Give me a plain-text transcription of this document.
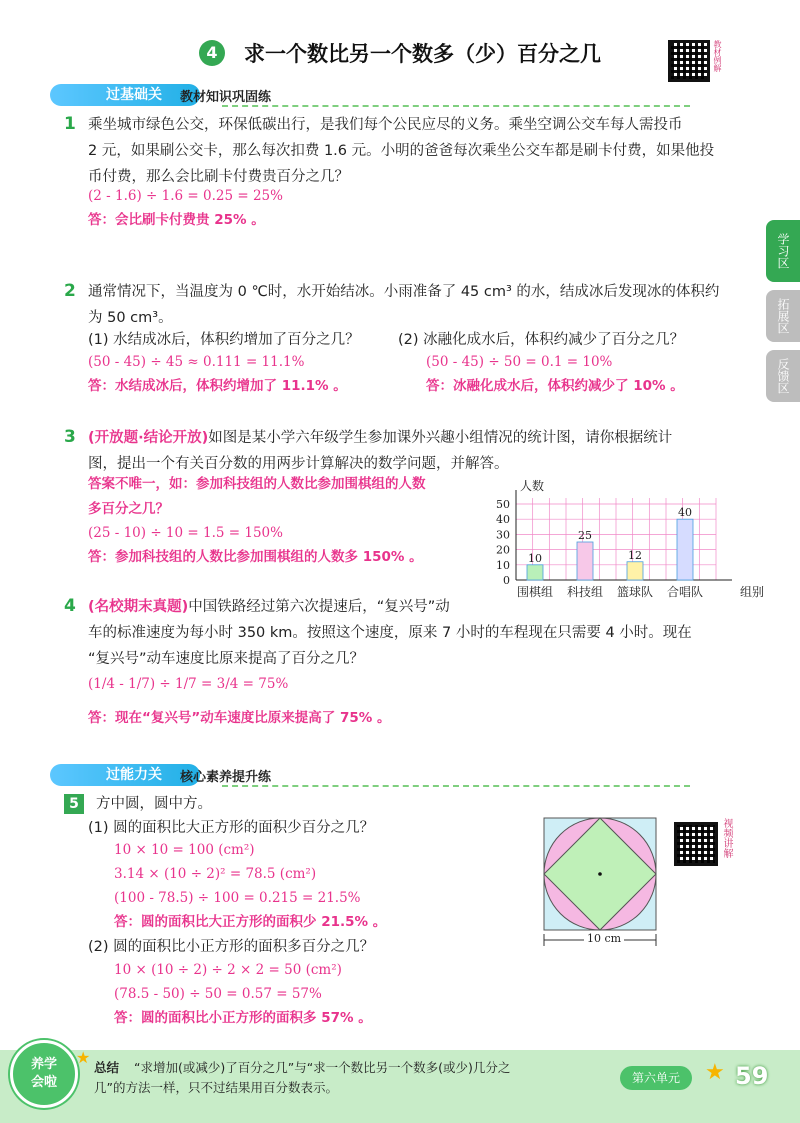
4 求一个数比另一个数多（少）百分之几	教材例解
学习区
拓展区
反馈区
过基础关	教材知识巩固练
1 乘坐城市绿色公交，环保低碳出行，是我们每个公民应尽的义务。乘坐空调公交车每人需投币
2 元，如果刷公交卡，那么每次扣费 1.6 元。小明的爸爸每次乘坐公交车都是刷卡付费，如果他投
币付费，那么会比刷卡付费贵百分之几？
(2 - 1.6) ÷ 1.6 = 0.25 = 25%
答：会比刷卡付费贵 25% 。
2 通常情况下，当温度为 0 ℃时，水开始结冰。小雨准备了 45 cm³ 的水，结成冰后发现冰的体积约
为 50 cm³。
(1) 水结成冰后，体积约增加了百分之几？	(2) 冰融化成水后，体积约减少了百分之几？
(50 - 45) ÷ 45 ≈ 0.111 = 11.1%	(50 - 45) ÷ 50 = 0.1 = 10%
答：水结成冰后，体积约增加了 11.1% 。	答：冰融化成水后，体积约减少了 10% 。
3 (开放题·结论开放)如图是某小学六年级学生参加课外兴趣小组情况的统计图，请你根据统计
图，提出一个有关百分数的用两步计算解决的数学问题，并解答。
答案不唯一，如：参加科技组的人数比参加围棋组的人数
多百分之几？
(25 - 10) ÷ 10 = 1.5 = 150%
答：参加科技组的人数比参加围棋组的人数多 150% 。
0
10
20
30
40
50
人数
组别
10
围棋组
25
科技组
12
篮球队
40
合唱队
4 (名校期末真题)中国铁路经过第六次提速后，“复兴号”动
车的标准速度为每小时 350 km。按照这个速度，原来 7 小时的车程现在只需要 4 小时。现在
“复兴号”动车速度比原来提高了百分之几？
(1/4 - 1/7) ÷ 1/7 = 3/4 = 75%
答：现在“复兴号”动车速度比原来提高了 75% 。
过能力关	核心素养提升练
5	方中圆，圆中方。
(1) 圆的面积比大正方形的面积少百分之几？
10 × 10 = 100 (cm²)
3.14 × (10 ÷ 2)² = 78.5 (cm²)
(100 - 78.5) ÷ 100 = 0.215 = 21.5%
答：圆的面积比大正方形的面积少 21.5% 。
(2) 圆的面积比小正方形的面积多百分之几？
10 × (10 ÷ 2) ÷ 2 × 2 = 50 (cm²)
(78.5 - 50) ÷ 50 = 0.57 = 57%
答：圆的面积比小正方形的面积多 57% 。
10 cm
视频讲解
养学会啦
★
总结 “求增加(或减少)了百分之几”与“求一个数比另一个数多(或少)几分之
几”的方法一样，只不过结果用百分数表示。
第六单元	★ 59
